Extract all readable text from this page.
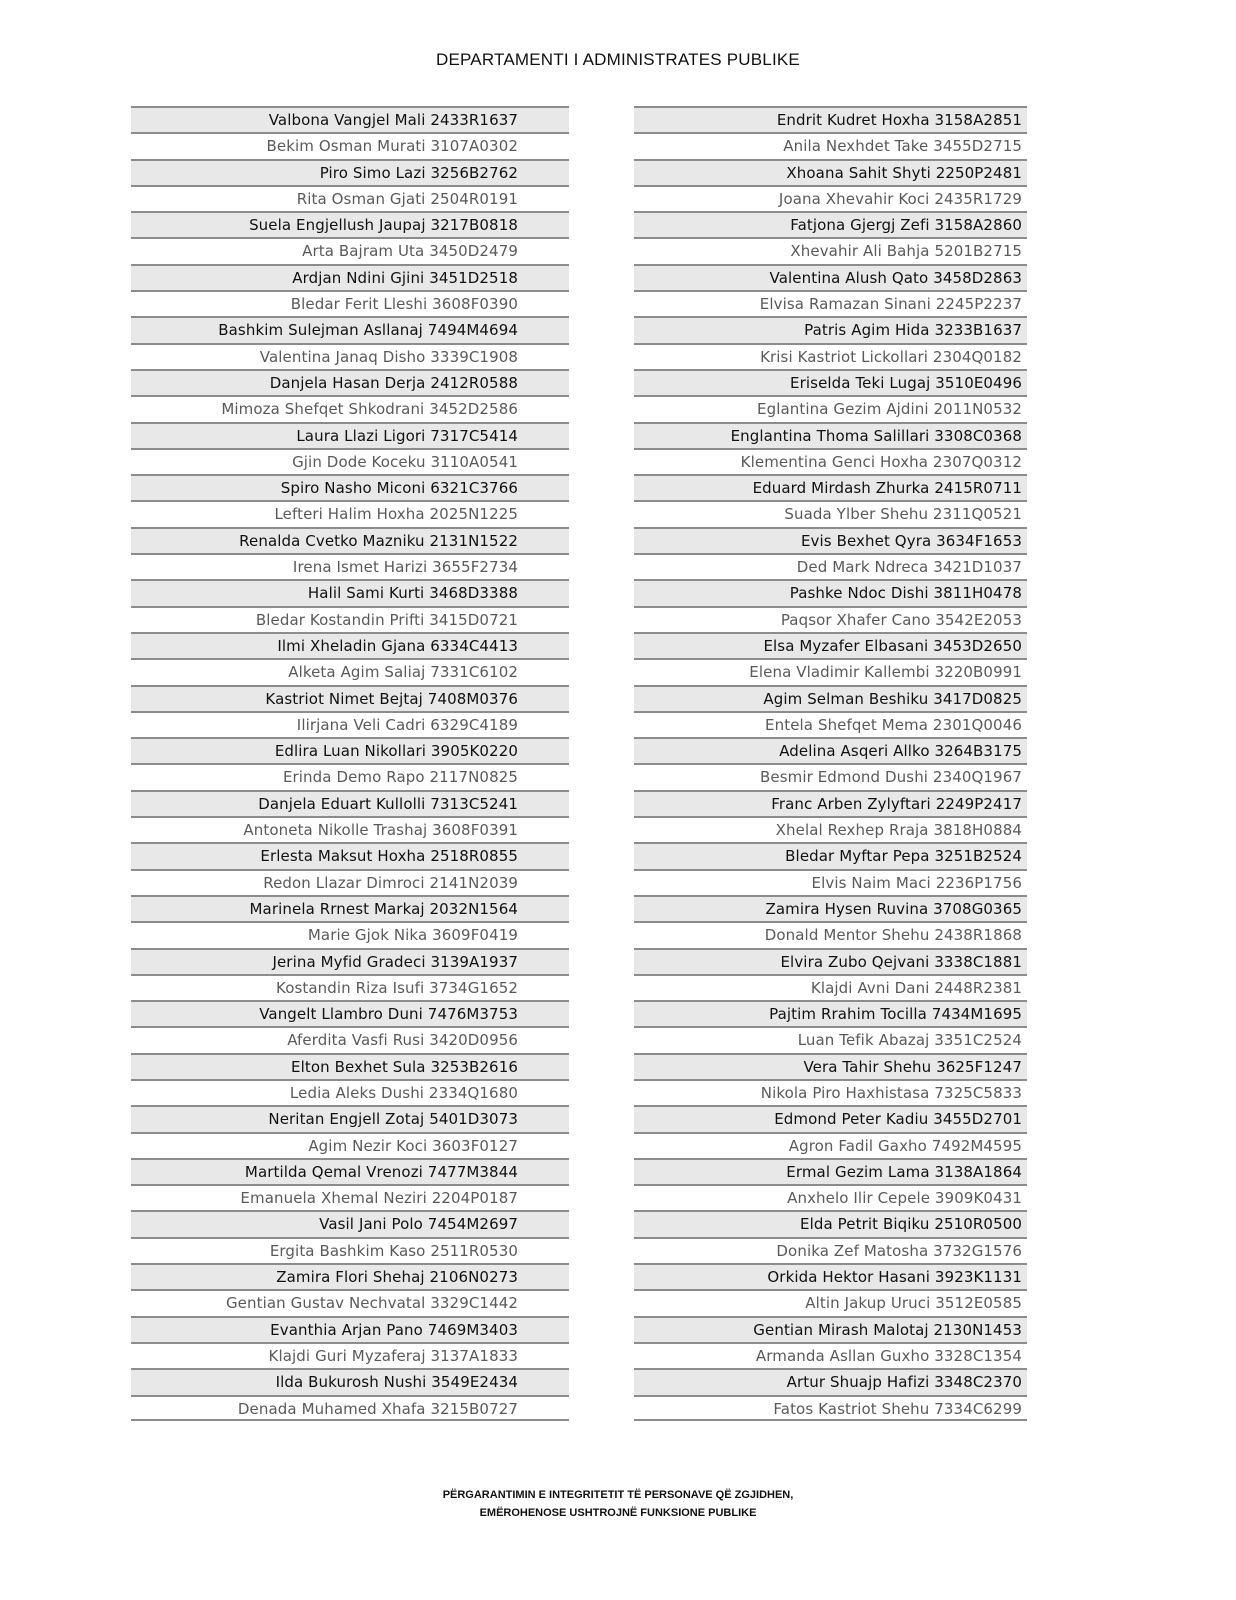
DEPARTAMENTI I ADMINISTRATES PUBLIKE
Valbona Vangjel Mali 2433R1637
Bekim Osman Murati 3107A0302
Piro Simo Lazi 3256B2762
Rita Osman Gjati 2504R0191
Suela Engjellush Jaupaj 3217B0818
Arta Bajram Uta 3450D2479
Ardjan Ndini Gjini 3451D2518
Bledar Ferit Lleshi 3608F0390
Bashkim Sulejman Asllanaj 7494M4694
Valentina Janaq Disho 3339C1908
Danjela Hasan Derja 2412R0588
Mimoza Shefqet Shkodrani 3452D2586
Laura Llazi Ligori 7317C5414
Gjin Dode Koceku 3110A0541
Spiro Nasho Miconi 6321C3766
Lefteri Halim Hoxha 2025N1225
Renalda Cvetko Mazniku 2131N1522
Irena Ismet Harizi 3655F2734
Halil Sami Kurti 3468D3388
Bledar Kostandin Prifti 3415D0721
Ilmi Xheladin Gjana 6334C4413
Alketa Agim Saliaj 7331C6102
Kastriot Nimet Bejtaj 7408M0376
Ilirjana Veli Cadri 6329C4189
Edlira Luan Nikollari 3905K0220
Erinda Demo Rapo 2117N0825
Danjela Eduart Kullolli 7313C5241
Antoneta Nikolle Trashaj 3608F0391
Erlesta Maksut Hoxha 2518R0855
Redon Llazar Dimroci 2141N2039
Marinela Rrnest Markaj 2032N1564
Marie Gjok Nika 3609F0419
Jerina Myfid Gradeci 3139A1937
Kostandin Riza Isufi 3734G1652
Vangelt Llambro Duni 7476M3753
Aferdita Vasfi Rusi 3420D0956
Elton Bexhet Sula 3253B2616
Ledia Aleks Dushi 2334Q1680
Neritan Engjell Zotaj 5401D3073
Agim Nezir Koci 3603F0127
Martilda Qemal Vrenozi 7477M3844
Emanuela Xhemal Neziri 2204P0187
Vasil Jani Polo 7454M2697
Ergita Bashkim Kaso 2511R0530
Zamira Flori Shehaj 2106N0273
Gentian Gustav Nechvatal 3329C1442
Evanthia Arjan Pano 7469M3403
Klajdi Guri Myzaferaj 3137A1833
Ilda Bukurosh Nushi 3549E2434
Denada Muhamed Xhafa 3215B0727
Endrit Kudret Hoxha 3158A2851
Anila Nexhdet Take 3455D2715
Xhoana Sahit Shyti 2250P2481
Joana Xhevahir Koci 2435R1729
Fatjona Gjergj Zefi 3158A2860
Xhevahir Ali Bahja 5201B2715
Valentina Alush Qato 3458D2863
Elvisa Ramazan Sinani 2245P2237
Patris Agim Hida 3233B1637
Krisi Kastriot Lickollari 2304Q0182
Eriselda Teki Lugaj 3510E0496
Eglantina Gezim Ajdini 2011N0532
Englantina Thoma Salillari 3308C0368
Klementina Genci Hoxha 2307Q0312
Eduard Mirdash Zhurka 2415R0711
Suada Ylber Shehu 2311Q0521
Evis Bexhet Qyra 3634F1653
Ded Mark Ndreca 3421D1037
Pashke Ndoc Dishi 3811H0478
Paqsor Xhafer Cano 3542E2053
Elsa Myzafer Elbasani 3453D2650
Elena Vladimir Kallembi 3220B0991
Agim Selman Beshiku 3417D0825
Entela Shefqet Mema 2301Q0046
Adelina Asqeri Allko 3264B3175
Besmir Edmond Dushi 2340Q1967
Franc Arben Zylyftari 2249P2417
Xhelal Rexhep Rraja 3818H0884
Bledar Myftar Pepa 3251B2524
Elvis Naim Maci 2236P1756
Zamira Hysen Ruvina 3708G0365
Donald Mentor Shehu 2438R1868
Elvira Zubo Qejvani 3338C1881
Klajdi Avni Dani 2448R2381
Pajtim Rrahim Tocilla 7434M1695
Luan Tefik Abazaj 3351C2524
Vera Tahir Shehu 3625F1247
Nikola Piro Haxhistasa 7325C5833
Edmond Peter Kadiu 3455D2701
Agron Fadil Gaxho 7492M4595
Ermal Gezim Lama 3138A1864
Anxhelo Ilir Cepele 3909K0431
Elda Petrit Biqiku 2510R0500
Donika Zef Matosha 3732G1576
Orkida Hektor Hasani 3923K1131
Altin Jakup Uruci 3512E0585
Gentian Mirash Malotaj 2130N1453
Armanda Asllan Guxho 3328C1354
Artur Shuajp Hafizi 3348C2370
Fatos Kastriot Shehu 7334C6299
PËRGARANTIMIN E INTEGRITETIT TË PERSONAVE QË ZGJIDHEN,
EMËROHENOSE USHTROJNË FUNKSIONE PUBLIKE
